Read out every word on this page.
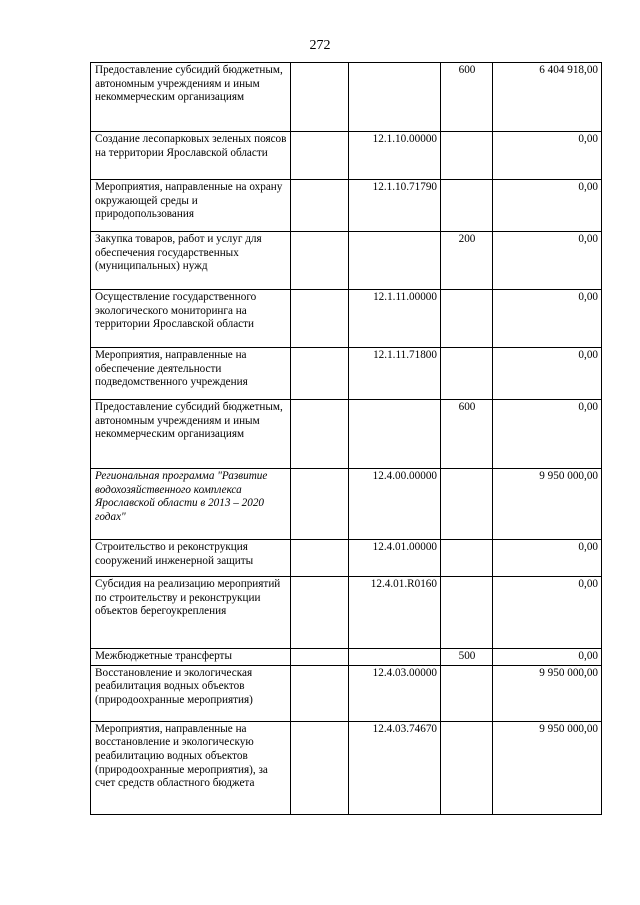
272
Предоставление субсидий бюджетным, автономным учреждениям и иным некоммерческим организациям			600	6 404 918,00
Создание лесопарковых зеленых поясов на территории Ярославской области		12.1.10.00000		0,00
Мероприятия, направленные на охрану окружающей среды и природопользования		12.1.10.71790		0,00
Закупка товаров, работ и услуг для обеспечения государственных (муниципальных) нужд			200	0,00
Осуществление государственного экологического мониторинга на территории Ярославской области		12.1.11.00000		0,00
Мероприятия, направленные на обеспечение деятельности подведомственного учреждения		12.1.11.71800		0,00
Предоставление субсидий бюджетным, автономным учреждениям и иным некоммерческим организациям			600	0,00
Региональная программа "Развитие водохозяйственного комплекса Ярославской области в 2013 – 2020 годах"		12.4.00.00000		9 950 000,00
Строительство и реконструкция сооружений инженерной защиты		12.4.01.00000		0,00
Субсидия на реализацию мероприятий по строительству и реконструкции объектов берегоукрепления		12.4.01.R0160		0,00
Межбюджетные трансферты			500	0,00
Восстановление и экологическая реабилитация водных объектов (природоохранные мероприятия)		12.4.03.00000		9 950 000,00
Мероприятия, направленные на восстановление и экологическую реабилитацию водных объектов (природоохранные мероприятия), за счет средств областного бюджета		12.4.03.74670		9 950 000,00
